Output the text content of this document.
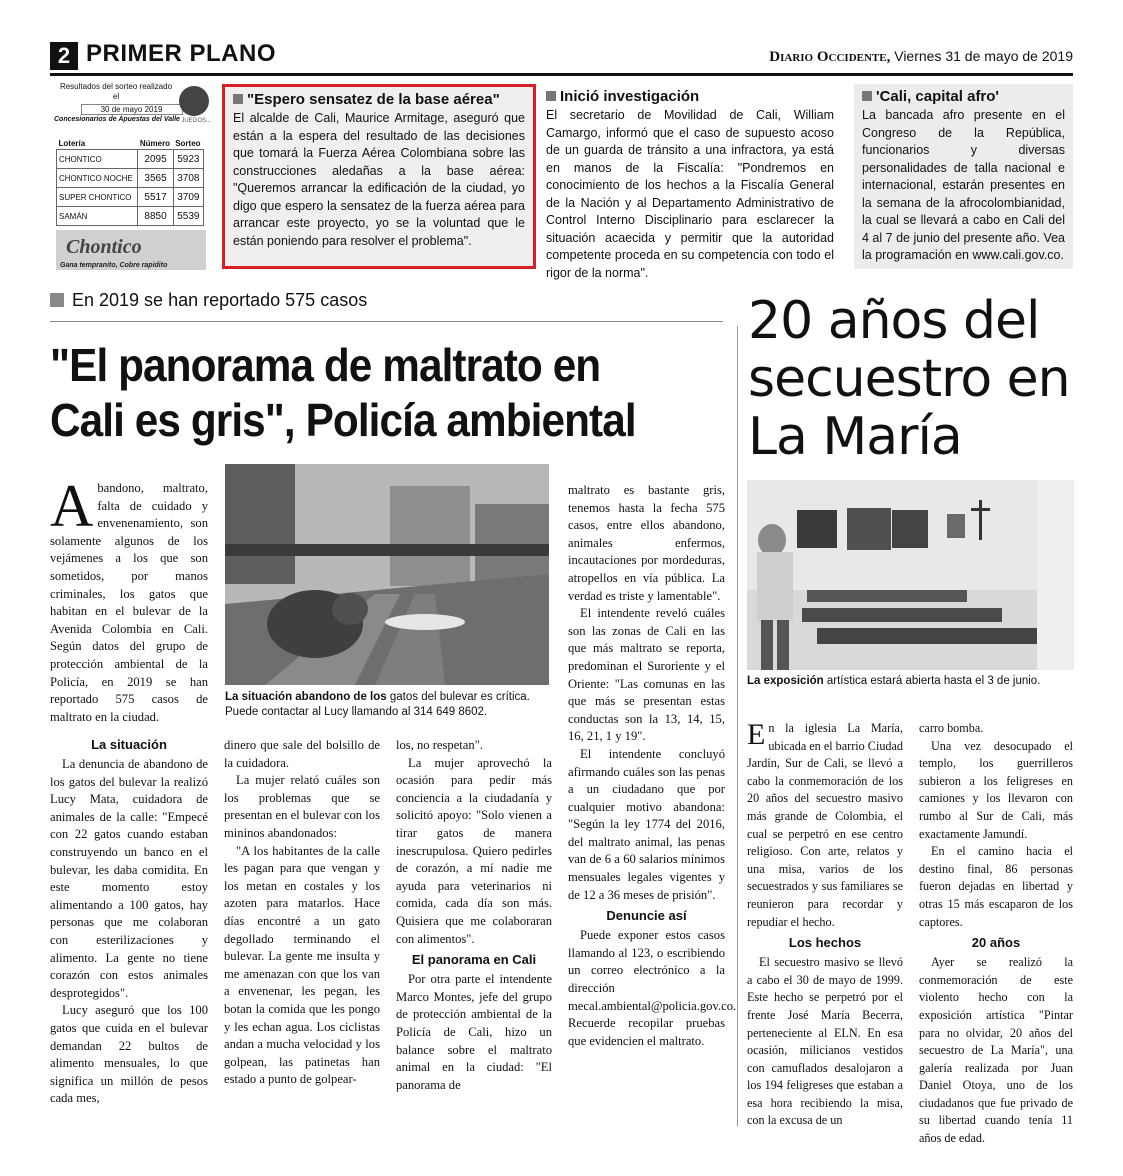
2 PRIMER PLANO	Diario Occidente, Viernes 31 de mayo de 2019
Resultados del sorteo realizado el
30 de mayo 2019
Concesionarios de Apuestas del Valle JUEGOS...
Lotería	Número	Sorteo
CHONTICO	2095	5923
CHONTICO NOCHE	3565	3708
SUPER CHONTICO	5517	3709
SAMÁN	8850	5539
Chontico
Gana tempranito, Cobre rapidito
"Espero sensatez de la base aérea"

El alcalde de Cali, Maurice Armitage, aseguró que están a la espera del resultado de las decisiones que tomará la Fuerza Aérea Colombiana sobre las construcciones aledañas a la base aérea: "Queremos arrancar la edificación de la ciudad, yo digo que espero la sensatez de la fuerza aérea para arrancar este proyecto, yo se la voluntad que le están poniendo para resolver el problema".

Inició investigación

El secretario de Movilidad de Cali, William Camargo, informó que el caso de supuesto acoso de un guarda de tránsito a una infractora, ya está en manos de la Fiscalía: "Pondremos en conocimiento de los hechos a la Fiscalía General de la Nación y al Departamento Administrativo de Control Interno Disciplinario para esclarecer la situación acaecida y permitir que la autoridad competente proceda en su competencia con todo el rigor de la norma".

'Cali, capital afro'

La bancada afro presente en el Congreso de la República, funcionarios y diversas personalidades de talla nacional e internacional, estarán presentes en la semana de la afrocolombianidad, la cual se llevará a cabo en Cali del 4 al 7 de junio del presente año. Vea la programación en www.cali.gov.co.

En 2019 se han reportado 575 casos
"El panorama de maltrato en Cali es gris", Policía ambiental
A bandono, maltrato, falta de cuidado y envenenamiento, son solamente algunos de los vejámenes a los que son sometidos, por manos criminales, los gatos que habitan en el bulevar de la Avenida Colombia en Cali. Según datos del grupo de protección ambiental de la Policía, en 2019 se han reportado 575 casos de maltrato en la ciudad.

La situación abandono de los gatos del bulevar es crítica. Puede contactar al Lucy llamando al 314 649 8602.
La situación

La denuncia de abandono de los gatos del bulevar la realizó Lucy Mata, cuidadora de animales de la calle: "Empecé con 22 gatos cuando estaban construyendo un banco en el bulevar, les daba comidita. En este momento estoy alimentando a 100 gatos, hay personas que me colaboran con esterilizaciones y alimento. La gente no tiene corazón con estos animales desprotegidos".

Lucy aseguró que los 100 gatos que cuida en el bulevar demandan 22 bultos de alimento mensuales, lo que significa un millón de pesos cada mes,

dinero que sale del bolsillo de la cuidadora.

La mujer relató cuáles son los problemas que se presentan en el bulevar con los mininos abandonados:

"A los habitantes de la calle les pagan para que vengan y los metan en costales y los azoten para matarlos. Hace días encontré a un gato degollado terminando el bulevar. La gente me insulta y me amenazan con que los van a envenenar, les pegan, les botan la comida que les pongo y les echan agua. Los ciclistas andan a mucha velocidad y los golpean, las patinetas han estado a punto de golpear-

los, no respetan".

La mujer aprovechó la ocasión para pedir más conciencia a la ciudadanía y solicitó apoyo: "Solo vienen a tirar gatos de manera inescrupulosa. Quiero pedirles de corazón, a mí nadie me ayuda para veterinarios ni comida, cada día son más. Quisiera que me colaboraran con alimentos".

El panorama en Cali

Por otra parte el intendente Marco Montes, jefe del grupo de protección ambiental de la Policía de Cali, hizo un balance sobre el maltrato animal en la ciudad: "El panorama de

maltrato es bastante gris, tenemos hasta la fecha 575 casos, entre ellos abandono, animales enfermos, incautaciones por mordeduras, atropellos en vía pública. La verdad es triste y lamentable".

El intendente reveló cuáles son las zonas de Cali en las que más maltrato se reporta, predominan el Suroriente y el Oriente: "Las comunas en las que más se presentan estas conductas son la 13, 14, 15, 16, 21, 1 y 19".

El intendente concluyó afirmando cuáles son las penas a un ciudadano que por cualquier motivo abandona: "Según la ley 1774 del 2016, del maltrato animal, las penas van de 6 a 60 salarios mínimos mensuales legales vigentes y de 12 a 36 meses de prisión".

Denuncie así

Puede exponer estos casos llamando al 123, o escribiendo un correo electrónico a la dirección mecal.ambiental@policia.gov.co. Recuerde recopilar pruebas que evidencien el maltrato.

20 años del secuestro en La María
La exposición artística estará abierta hasta el 3 de junio.
E n la iglesia La María, ubicada en el barrio Ciudad Jardín, Sur de Cali, se llevó a cabo la conmemoración de los 20 años del secuestro masivo más grande de Colombia, el cual se perpetró en ese centro religioso. Con arte, relatos y una misa, varios de los secuestrados y sus familiares se reunieron para recordar y repudiar el hecho.

Los hechos

El secuestro masivo se llevó a cabo el 30 de mayo de 1999. Este hecho se perpetró por el frente José María Becerra, perteneciente al ELN. En esa ocasión, milicianos vestidos con camuflados desalojaron a los 194 feligreses que estaban a esa hora recibiendo la misa, con la excusa de un

carro bomba.

Una vez desocupado el templo, los guerrilleros subieron a los feligreses en camiones y los llevaron con rumbo al Sur de Cali, más exactamente Jamundí.

En el camino hacia el destino final, 86 personas fueron dejadas en libertad y otras 15 más escaparon de los captores.

20 años

Ayer se realizó la conmemoración de este violento hecho con la exposición artística "Pintar para no olvidar, 20 años del secuestro de La María", una galería realizada por Juan Daniel Otoya, uno de los ciudadanos que fue privado de su libertad cuando tenía 11 años de edad.
